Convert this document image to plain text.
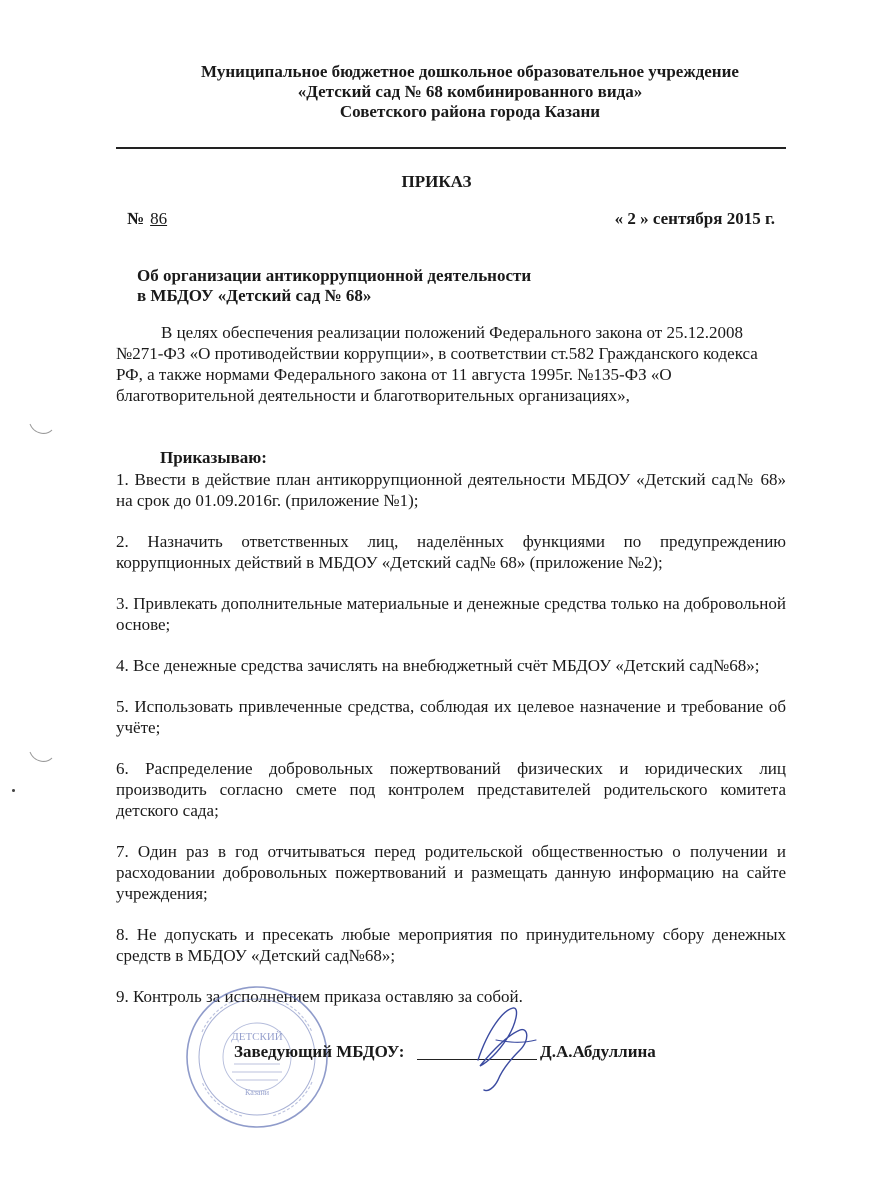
Муниципальное бюджетное дошкольное образовательное учреждение
«Детский сад № 68 комбинированного вида»
Советского района города Казани
ПРИКАЗ
№ 86	« 2 » сентября 2015 г.
Об организации антикоррупционной деятельности
в МБДОУ «Детский сад № 68»
В целях обеспечения реализации положений Федерального закона от 25.12.2008 №271-ФЗ «О противодействии коррупции», в соответствии ст.582 Гражданского кодекса РФ, а также нормами Федерального закона от 11 августа 1995г. №135-ФЗ «О благотворительной деятельности и благотворительных организациях»,
Приказываю:
1. Ввести в действие план антикоррупционной деятельности МБДОУ «Детский сад№ 68» на срок до 01.09.2016г. (приложение №1);
2. Назначить ответственных лиц, наделённых функциями по предупреждению коррупционных действий в МБДОУ «Детский сад№ 68» (приложение №2);
3. Привлекать дополнительные материальные и денежные средства только на добровольной основе;
4. Все денежные средства зачислять на внебюджетный счёт МБДОУ «Детский сад№68»;
5. Использовать привлеченные средства, соблюдая их целевое назначение и требование об учёте;
6. Распределение добровольных пожертвований физических и юридических лиц производить согласно смете под контролем представителей родительского комитета детского сада;
7. Один раз в год отчитываться перед родительской общественностью о получении и расходовании добровольных пожертвований и размещать данную информацию на сайте учреждения;
8. Не допускать и пресекать любые мероприятия по принудительному сбору денежных средств в МБДОУ «Детский сад№68»;
9. Контроль за исполнением приказа оставляю за собой.
ДЕТСКИЙ
Казани
Заведующий МБДОУ:	Д.А.Абдуллина
